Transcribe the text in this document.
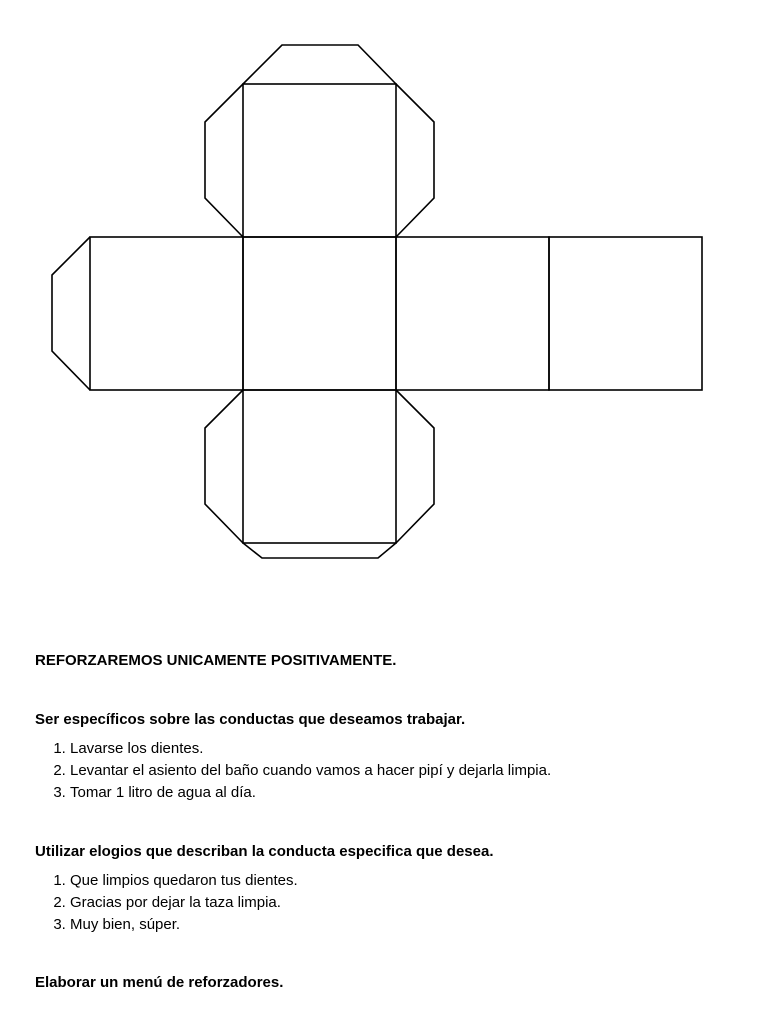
REFORZAREMOS UNICAMENTE POSITIVAMENTE.

Ser específicos sobre las conductas que deseamos trabajar.

1. Lavarse los dientes.
2. Levantar el asiento del baño cuando vamos a hacer pipí y dejarla limpia.
3. Tomar 1 litro de agua al día.

Utilizar elogios que describan la conducta especifica que desea.

1. Que limpios quedaron tus dientes.
2. Gracias por dejar la taza limpia.
3. Muy bien, súper.

Elaborar un menú de reforzadores.
